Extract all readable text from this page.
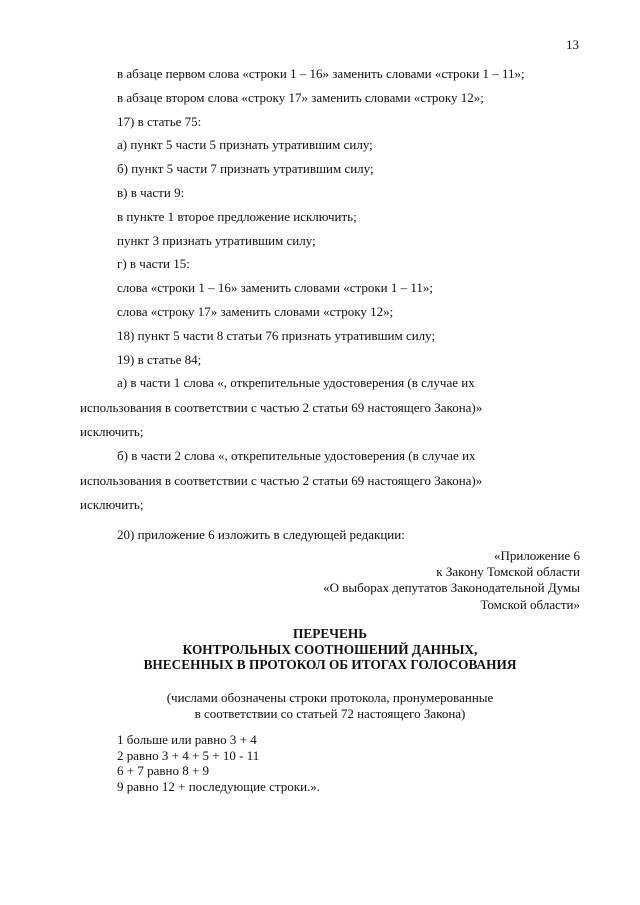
13

в абзаце первом слова «строки 1 – 16» заменить словами «строки 1 – 11»;

в абзаце втором слова «строку 17» заменить словами «строку 12»;

17) в статье 75:

а) пункт 5 части 5 признать утратившим силу;

б) пункт 5 части 7 признать утратившим силу;

в) в части 9:

в пункте 1 второе предложение исключить;

пункт 3 признать утратившим силу;

г) в части 15:

слова «строки 1 – 16» заменить словами «строки 1 – 11»;

слова «строку 17» заменить словами «строку 12»;

18) пункт 5 части 8 статьи 76 признать утратившим силу;

19) в статье 84;

а) в части 1 слова «, открепительные удостоверения (в случае их

использования в соответствии с частью 2 статьи 69 настоящего Закона)»

исключить;

б) в части 2 слова «, открепительные удостоверения (в случае их

использования в соответствии с частью 2 статьи 69 настоящего Закона)»

исключить;

20) приложение 6 изложить в следующей редакции:

«Приложение 6
к Закону Томской области
«О выборах депутатов Законодательной Думы
Томской области»
ПЕРЕЧЕНЬ
КОНТРОЛЬНЫХ СООТНОШЕНИЙ ДАННЫХ,
ВНЕСЕННЫХ В ПРОТОКОЛ ОБ ИТОГАХ ГОЛОСОВАНИЯ
(числами обозначены строки протокола, пронумерованные
в соответствии со статьей 72 настоящего Закона)
1 больше или равно 3 + 4
2 равно 3 + 4 + 5 + 10 - 11
6 + 7 равно 8 + 9
9 равно 12 + последующие строки.».
